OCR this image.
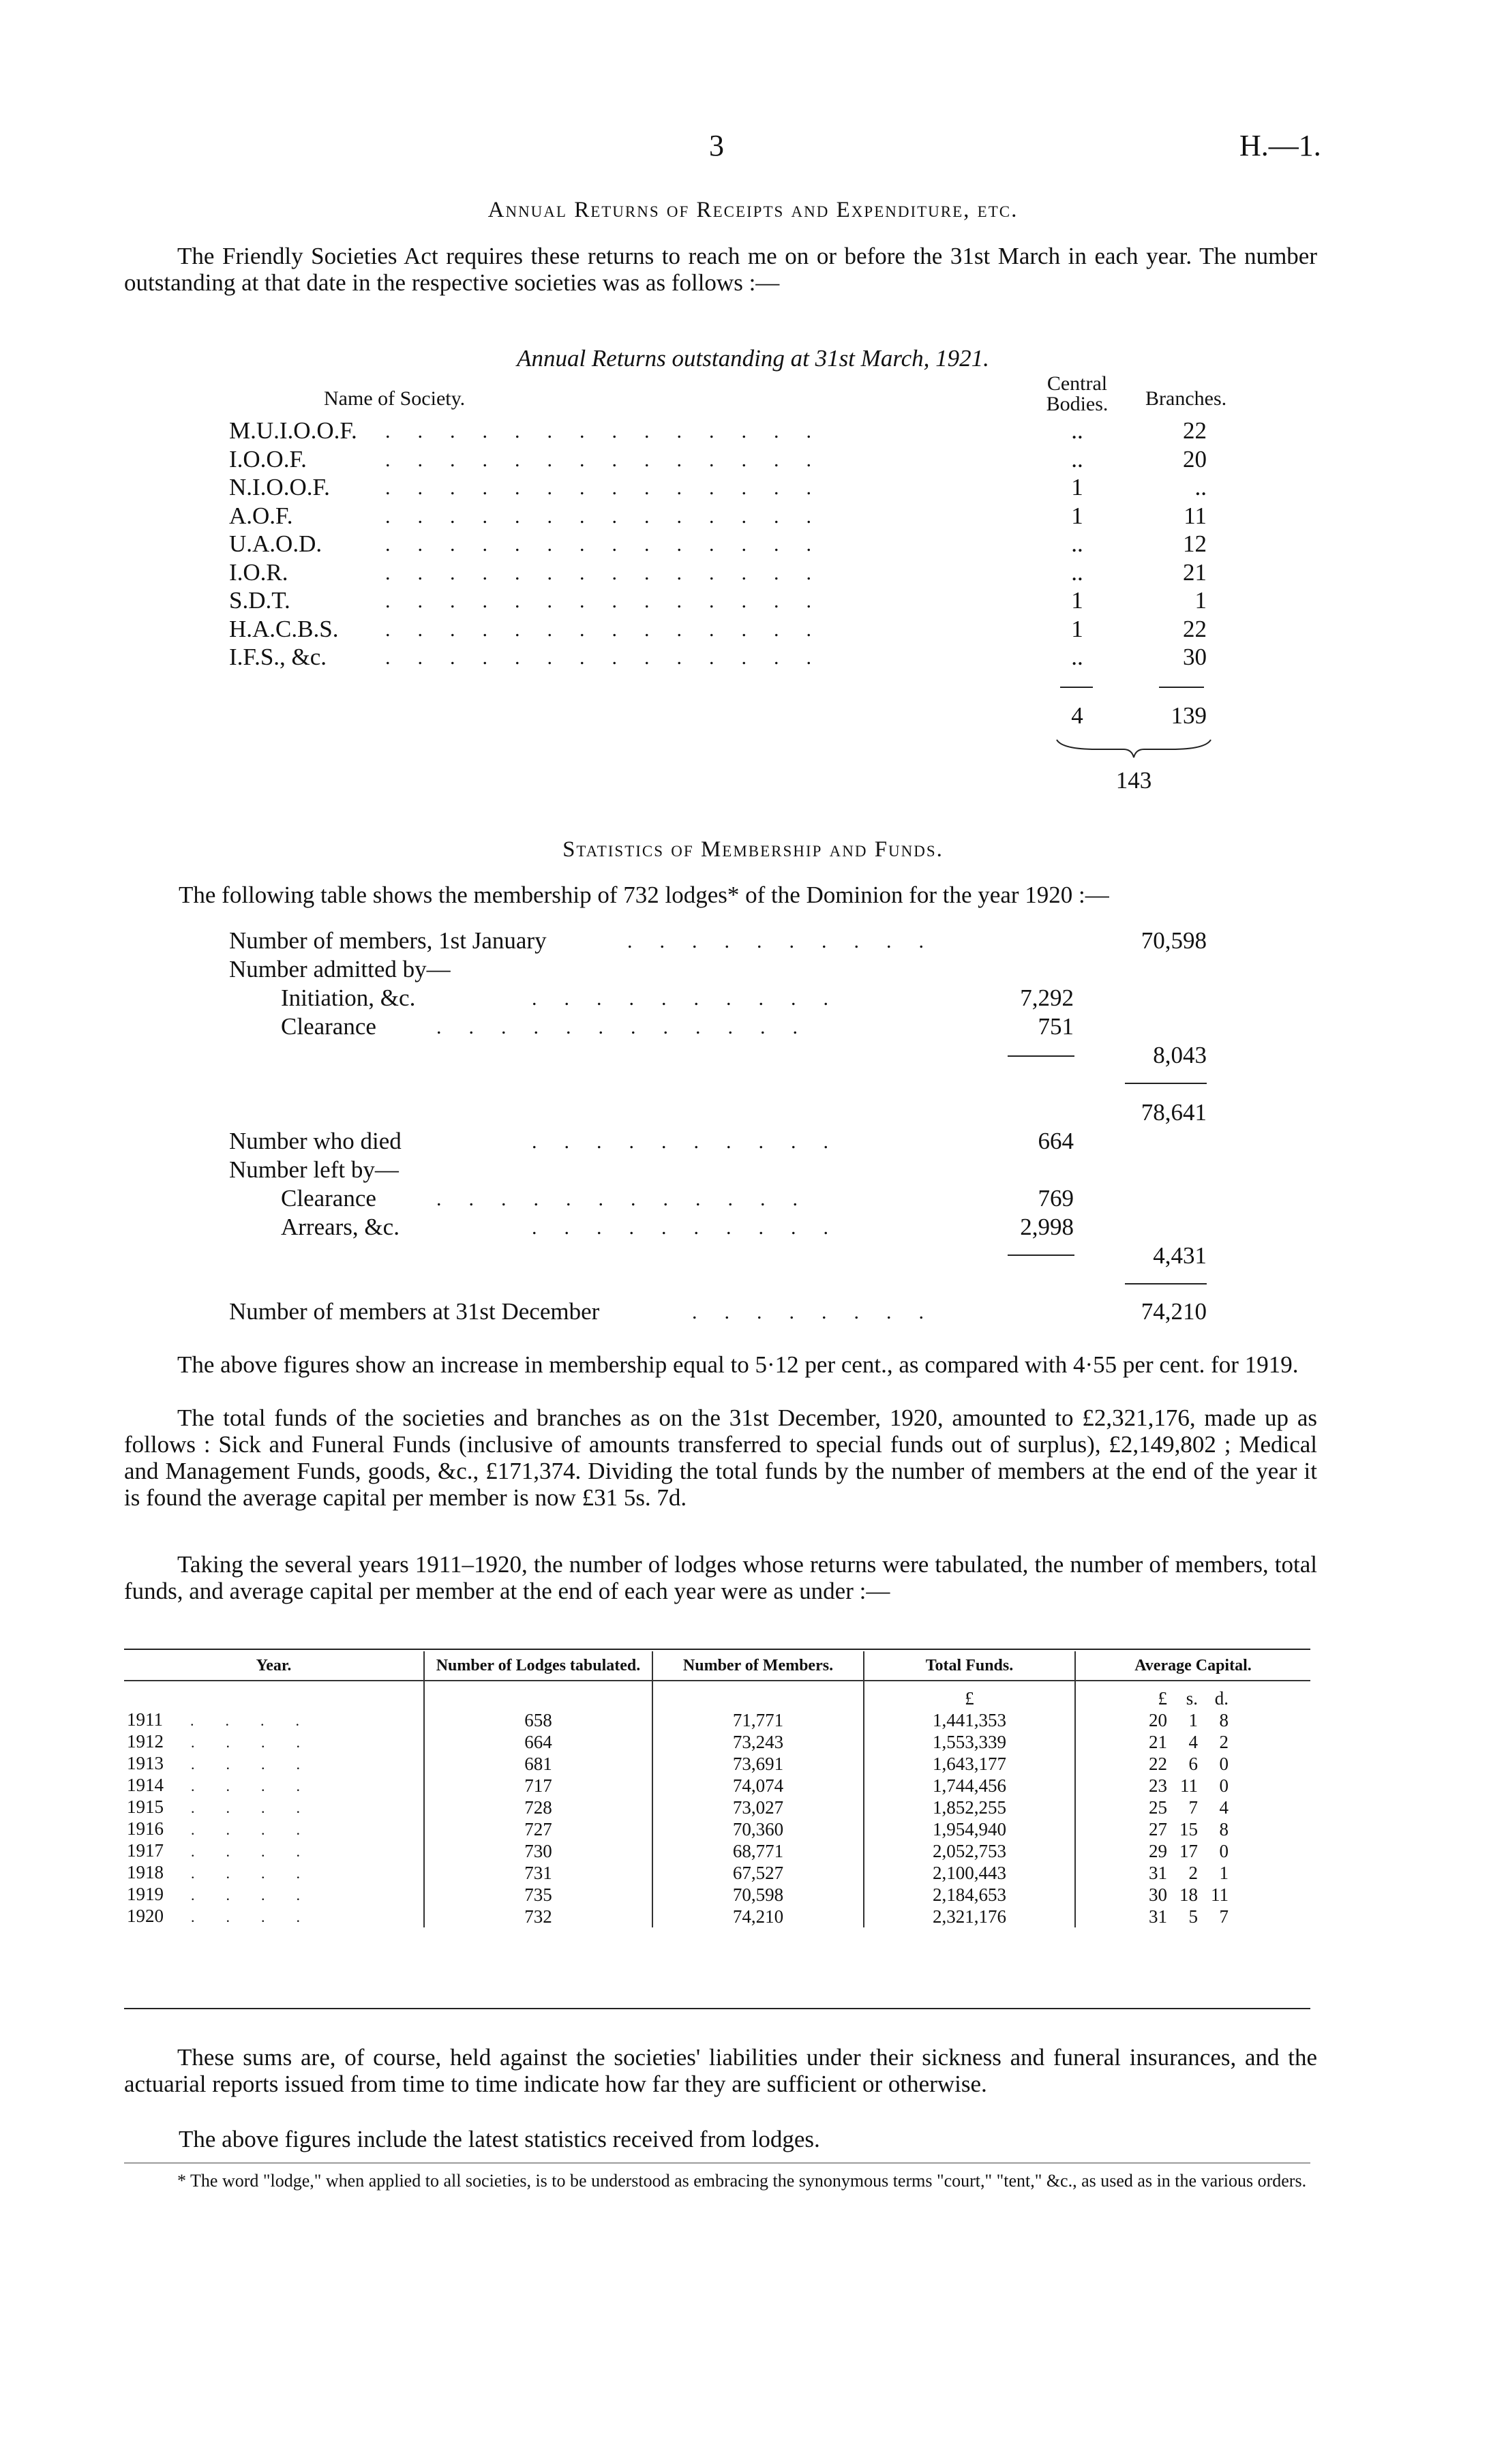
3	H.—1.
Annual Returns of Receipts and Expenditure, etc.
The Friendly Societies Act requires these returns to reach me on or before the 31st March in each year. The number outstanding at that date in the respective societies was as follows :—
Annual Returns outstanding at 31st March, 1921.
Name of Society.
Central
Bodies.	Branches.
M.U.I.O.O.F. ..............	..	22
I.O.O.F.	..............	..	20
N.I.O.O.F.	..............	1	..
A.O.F.	..............	1	11
U.A.O.D.	..............	..	12
I.O.R.	..............	..	21
S.D.T.	..............	1	1
H.A.C.B.S. ..............	1	22
I.F.S., &c.	..............	..	30
4	139
143
Statistics of Membership and Funds.
The following table shows the membership of 732 lodges* of the Dominion for the year 1920 :—
Number of members, 1st January	..........	70,598
Number admitted by—
Initiation, &c.	..........	7,292
Clearance	............	751
8,043
78,641
Number who died	..........	664
Number left by—
Clearance	............	769
Arrears, &c.	..........	2,998
4,431
Number of members at 31st December	........	74,210
The above figures show an increase in membership equal to 5·12 per cent., as compared with 4·55 per cent. for 1919.
The total funds of the societies and branches as on the 31st December, 1920, amounted to £2,321,176, made up as follows : Sick and Funeral Funds (inclusive of amounts transferred to special funds out of surplus), £2,149,802 ; Medical and Management Funds, goods, &c., £171,374. Dividing the total funds by the number of members at the end of the year it is found the average capital per member is now £31 5s. 7d.
Taking the several years 1911–1920, the number of lodges whose returns were tabulated, the number of members, total funds, and average capital per member at the end of each year were as under :—
Year.	Number of Lodges tabulated.	Number of Members.	Total Funds.	Average Capital.
			£	£ s. d.
1911 ....	658	71,771	1,441,353	20 1 8
1912 ....	664	73,243	1,553,339	21 4 2
1913 ....	681	73,691	1,643,177	22 6 0
1914 ....	717	74,074	1,744,456	23 11 0
1915 ....	728	73,027	1,852,255	25 7 4
1916 ....	727	70,360	1,954,940	27 15 8
1917 ....	730	68,771	2,052,753	29 17 0
1918 ....	731	67,527	2,100,443	31 2 1
1919 ....	735	70,598	2,184,653	30 18 11
1920 ....	732	74,210	2,321,176	31 5 7
These sums are, of course, held against the societies' liabilities under their sickness and funeral insurances, and the actuarial reports issued from time to time indicate how far they are sufficient or otherwise.
The above figures include the latest statistics received from lodges.
* The word "lodge," when applied to all societies, is to be understood as embracing the synonymous terms "court," "tent," &c., as used as in the various orders.
